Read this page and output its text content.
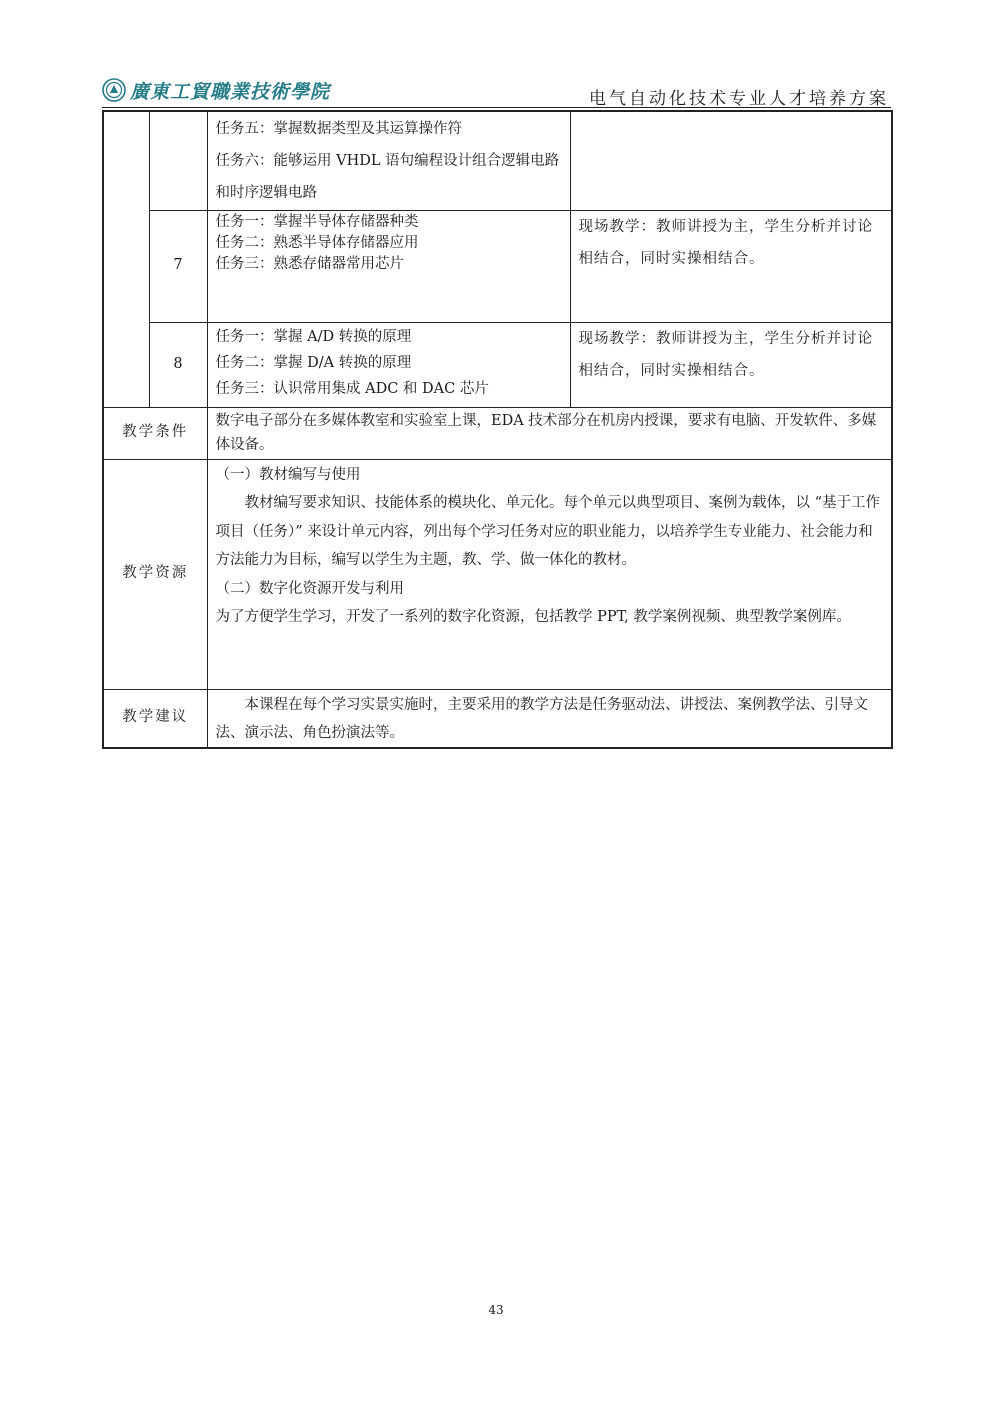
廣東工貿職業技術學院	电气自动化技术专业人才培养方案

		任务五：掌握数据类型及其运算操作符
任务六：能够运用 VHDL 语句编程设计组合逻辑电路和时序逻辑电路	

	7	任务一：掌握半导体存储器种类
任务二：熟悉半导体存储器应用
任务三：熟悉存储器常用芯片	现场教学：教师讲授为主，学生分析并讨论相结合，同时实操相结合。
	8	任务一：掌握 A/D 转换的原理
任务二：掌握 D/A 转换的原理
任务三：认识常用集成 ADC 和 DAC 芯片	现场教学：教师讲授为主，学生分析并讨论相结合，同时实操相结合。
教学条件		数字电子部分在多媒体教室和实验室上课，EDA 技术部分在机房内授课，要求有电脑、开发软件、多媒体设备。	
教学资源		（一）教材编写与使用

教材编写要求知识、技能体系的模块化、单元化。每个单元以典型项目、案例为载体，以 “基于工作项目（任务）” 来设计单元内容，列出每个学习任务对应的职业能力，以培养学生专业能力、社会能力和方法能力为目标，编写以学生为主题，教、学、做一体化的教材。

（二）数字化资源开发与利用

为了方便学生学习，开发了一系列的数字化资源，包括教学 PPT, 教学案例视频、典型教学案例库。	

教学建议		本课程在每个学习实景实施时，主要采用的教学方法是任务驱动法、讲授法、案例教学法、引导文法、演示法、角色扮演法等。	
43
